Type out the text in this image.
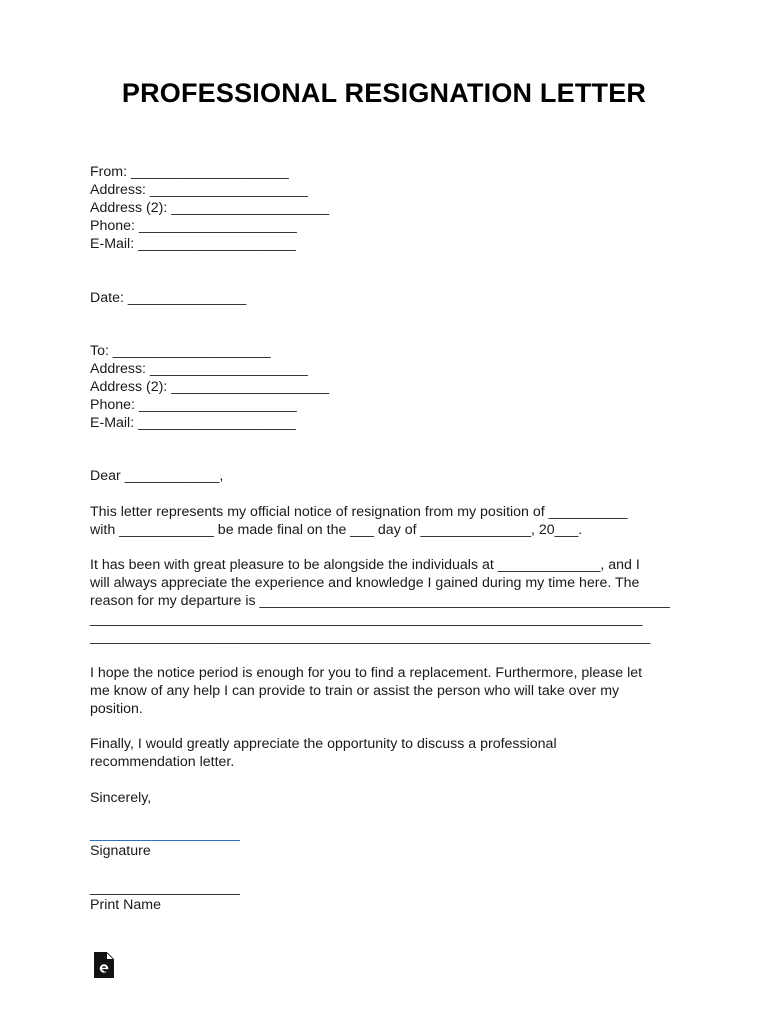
PROFESSIONAL RESIGNATION LETTER
From: ____________________
Address: ____________________
Address (2): ____________________
Phone: ____________________
E-Mail: ____________________
Date: _______________
To: ____________________
Address: ____________________
Address (2): ____________________
Phone: ____________________
E-Mail: ____________________
Dear ____________,
This letter represents my official notice of resignation from my position of __________
with ____________ be made final on the ___ day of ______________, 20___.
It has been with great pleasure to be alongside the individuals at _____________, and I
will always appreciate the experience and knowledge I gained during my time here. The
reason for my departure is ____________________________________________________
______________________________________________________________________
_______________________________________________________________________
I hope the notice period is enough for you to find a replacement. Furthermore, please let
me know of any help I can provide to train or assist the person who will take over my
position.
Finally, I would greatly appreciate the opportunity to discuss a professional
recommendation letter.
Sincerely,
___________________
Signature
___________________
Print Name
